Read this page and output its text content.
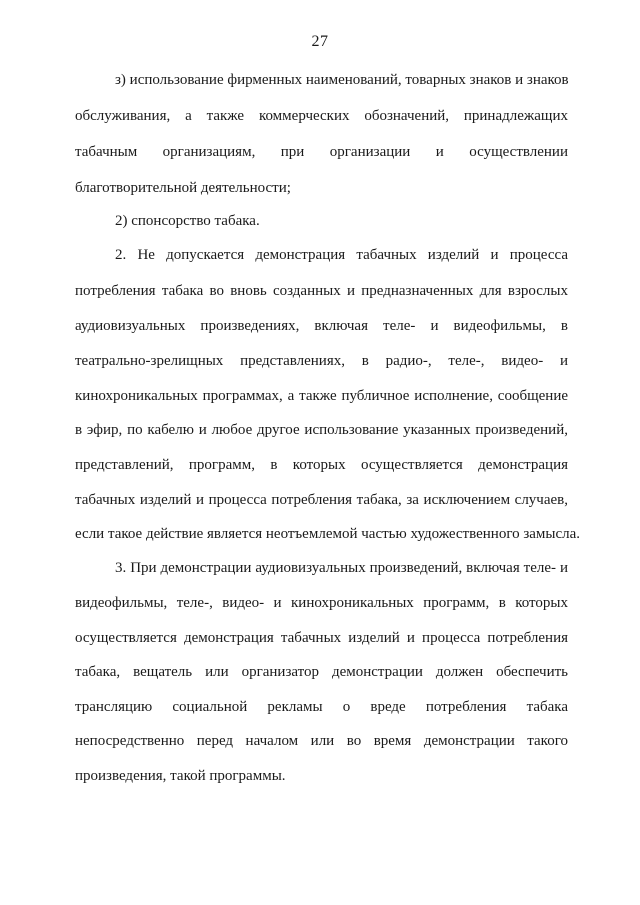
27
з) использование фирменных наименований, товарных знаков и знаков
обслуживания, а также коммерческих обозначений, принадлежащих
табачным организациям, при организации и осуществлении
благотворительной деятельности;
2) спонсорство табака.
2. Не допускается демонстрация табачных изделий и процесса
потребления табака во вновь созданных и предназначенных для взрослых
аудиовизуальных произведениях, включая теле- и видеофильмы, в
театрально-зрелищных представлениях, в радио-, теле-, видео- и
кинохроникальных программах, а также публичное исполнение, сообщение
в эфир, по кабелю и любое другое использование указанных произведений,
представлений, программ, в которых осуществляется демонстрация
табачных изделий и процесса потребления табака, за исключением случаев,
если такое действие является неотъемлемой частью художественного замысла.
3. При демонстрации аудиовизуальных произведений, включая теле- и
видеофильмы, теле-, видео- и кинохроникальных программ, в которых
осуществляется демонстрация табачных изделий и процесса потребления
табака, вещатель или организатор демонстрации должен обеспечить
трансляцию социальной рекламы о вреде потребления табака
непосредственно перед началом или во время демонстрации такого
произведения, такой программы.
